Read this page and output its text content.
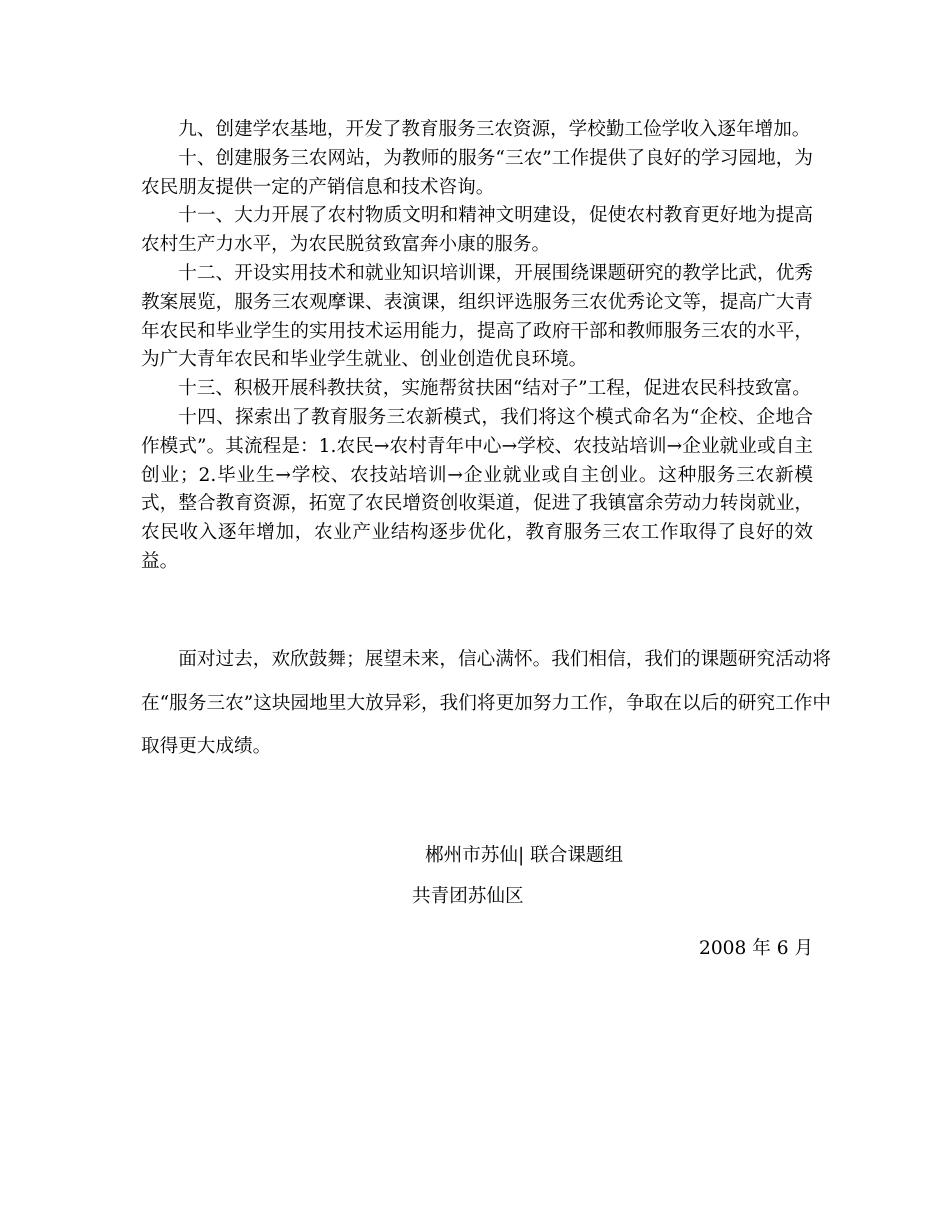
九、创建学农基地，开发了教育服务三农资源，学校勤工俭学收入逐年增加。

十、创建服务三农网站，为教师的服务“三农”工作提供了良好的学习园地，为农民朋友提供一定的产销信息和技术咨询。

十一、大力开展了农村物质文明和精神文明建设，促使农村教育更好地为提高农村生产力水平，为农民脱贫致富奔小康的服务。

十二、开设实用技术和就业知识培训课，开展围绕课题研究的教学比武，优秀教案展览，服务三农观摩课、表演课，组织评选服务三农优秀论文等，提高广大青年农民和毕业学生的实用技术运用能力，提高了政府干部和教师服务三农的水平，为广大青年农民和毕业学生就业、创业创造优良环境。

十三、积极开展科教扶贫，实施帮贫扶困“结对子”工程，促进农民科技致富。

十四、探索出了教育服务三农新模式，我们将这个模式命名为“企校、企地合作模式”。其流程是：1.农民→农村青年中心→学校、农技站培训→企业就业或自主创业；2.毕业生→学校、农技站培训→企业就业或自主创业。这种服务三农新模式，整合教育资源，拓宽了农民增资创收渠道，促进了我镇富余劳动力转岗就业，农民收入逐年增加，农业产业结构逐步优化，教育服务三农工作取得了良好的效益。

面对过去，欢欣鼓舞；展望未来，信心满怀。我们相信，我们的课题研究活动将在“服务三农”这块园地里大放异彩，我们将更加努力工作，争取在以后的研究工作中取得更大成绩。

郴州市苏仙| 联合课题组
共青团苏仙区
2008 年 6 月
